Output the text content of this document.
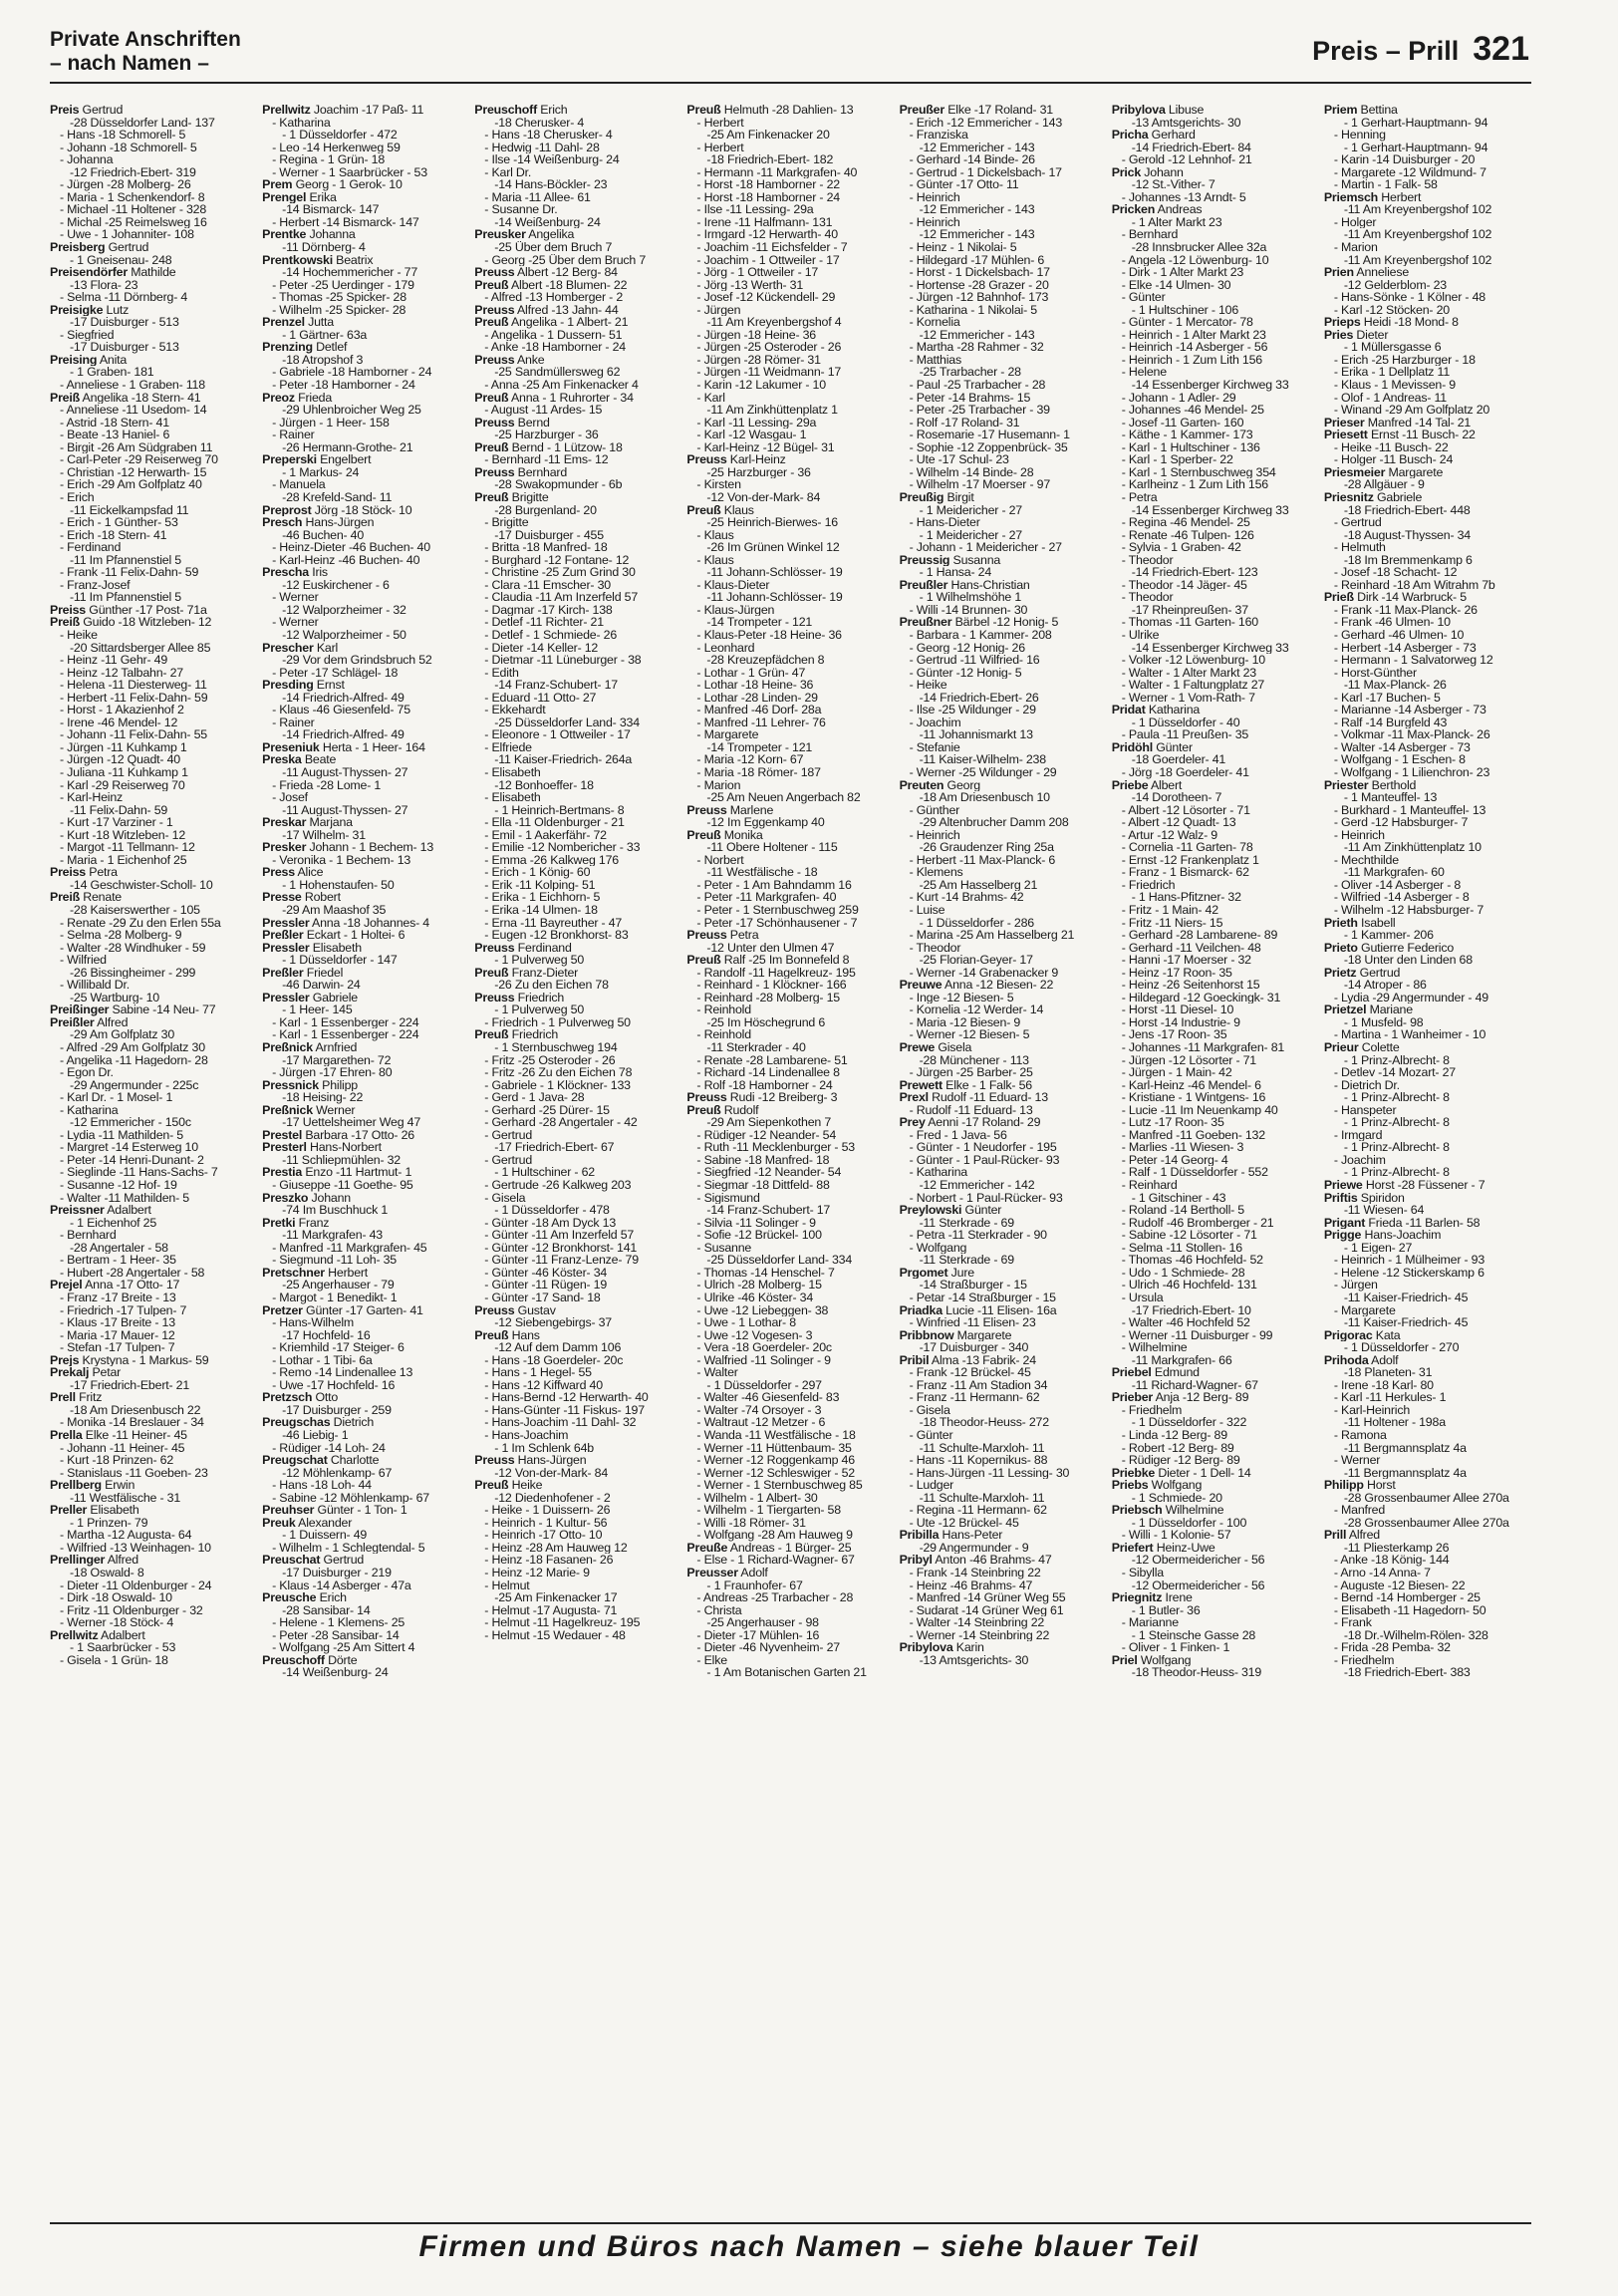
Private Anschriften
– nach Namen –	Preis – Prill 321
Preis Gertrud
-28 Düsseldorfer Land- 137
- Hans -18 Schmorell- 5
- Johann -18 Schmorell- 5
- Johanna
-12 Friedrich-Ebert- 319
- Jürgen -28 Molberg- 26
- Maria - 1 Schenkendorf- 8
- Michael -11 Holtener - 328
- Michal -25 Reimelsweg 16
- Uwe - 1 Johanniter- 108
Preisberg Gertrud
- 1 Gneisenau- 248
Preisendörfer Mathilde
-13 Flora- 23
- Selma -11 Dörnberg- 4
Preisigke Lutz
-17 Duisburger - 513
- Siegfried
-17 Duisburger - 513
Preising Anita
- 1 Graben- 181
- Anneliese - 1 Graben- 118
Preiß Angelika -18 Stern- 41
- Anneliese -11 Usedom- 14
- Astrid -18 Stern- 41
- Beate -13 Haniel- 6
- Birgit -26 Am Südgraben 11
- Carl-Peter -29 Reiserweg 70
- Christian -12 Herwarth- 15
- Erich -29 Am Golfplatz 40
- Erich
-11 Eickelkampsfad 11
- Erich - 1 Günther- 53
- Erich -18 Stern- 41
- Ferdinand
-11 Im Pfannenstiel 5
- Frank -11 Felix-Dahn- 59
- Franz-Josef
-11 Im Pfannenstiel 5
Preiss Günther -17 Post- 71a
Preiß Guido -18 Witzleben- 12
- Heike
-20 Sittardsberger Allee 85
- Heinz -11 Gehr- 49
- Heinz -12 Talbahn- 27
- Helena -11 Diesterweg- 11
- Herbert -11 Felix-Dahn- 59
- Horst - 1 Akazienhof 2
- Irene -46 Mendel- 12
- Johann -11 Felix-Dahn- 55
- Jürgen -11 Kuhkamp 1
- Jürgen -12 Quadt- 40
- Juliana -11 Kuhkamp 1
- Karl -29 Reiserweg 70
- Karl-Heinz
-11 Felix-Dahn- 59
- Kurt -17 Varziner - 1
- Kurt -18 Witzleben- 12
- Margot -11 Tellmann- 12
- Maria - 1 Eichenhof 25
Preiss Petra
-14 Geschwister-Scholl- 10
Preiß Renate
-28 Kaiserswerther - 105
- Renate -29 Zu den Erlen 55a
- Selma -28 Molberg- 9
- Walter -28 Windhuker - 59
- Wilfried
-26 Bissingheimer - 299
- Willibald Dr.
-25 Wartburg- 10
Preißinger Sabine -14 Neu- 77
Preißler Alfred
-29 Am Golfplatz 30
- Alfred -29 Am Golfplatz 30
- Angelika -11 Hagedorn- 28
- Egon Dr.
-29 Angermunder - 225c
- Karl Dr. - 1 Mosel- 1
- Katharina
-12 Emmericher - 150c
- Lydia -11 Mathilden- 5
- Margret -14 Esterweg 10
- Peter -14 Henri-Dunant- 2
- Sieglinde -11 Hans-Sachs- 7
- Susanne -12 Hof- 19
- Walter -11 Mathilden- 5
Preissner Adalbert
- 1 Eichenhof 25
- Bernhard
-28 Angertaler - 58
- Bertram - 1 Heer- 35
- Hubert -28 Angertaler - 58
Prejel Anna -17 Otto- 17
- Franz -17 Breite - 13
- Friedrich -17 Tulpen- 7
- Klaus -17 Breite - 13
- Maria -17 Mauer- 12
- Stefan -17 Tulpen- 7
Prejs Krystyna - 1 Markus- 59
Prekalj Petar
-17 Friedrich-Ebert- 21
Prell Fritz
-18 Am Driesenbusch 22
- Monika -14 Breslauer - 34
Prella Elke -11 Heiner- 45
- Johann -11 Heiner- 45
- Kurt -18 Prinzen- 62
- Stanislaus -11 Goeben- 23
Prellberg Erwin
-11 Westfälische - 31
Preller Elisabeth
- 1 Prinzen- 79
- Martha -12 Augusta- 64
- Wilfried -13 Weinhagen- 10
Prellinger Alfred
-18 Oswald- 8
- Dieter -11 Oldenburger - 24
- Dirk -18 Oswald- 10
- Fritz -11 Oldenburger - 32
- Werner -18 Stöck- 4
Prellwitz Adalbert
- 1 Saarbrücker - 53
- Gisela - 1 Grün- 18
Prellwitz Joachim -17 Paß- 11
- Katharina
- 1 Düsseldorfer - 472
- Leo -14 Herkenweg 59
- Regina - 1 Grün- 18
- Werner - 1 Saarbrücker - 53
Prem Georg - 1 Gerok- 10
Prengel Erika
-14 Bismarck- 147
- Herbert -14 Bismarck- 147
Prentke Johanna
-11 Dörnberg- 4
Prentkowski Beatrix
-14 Hochemmericher - 77
- Peter -25 Uerdinger - 179
- Thomas -25 Spicker- 28
- Wilhelm -25 Spicker- 28
Prenzel Jutta
- 1 Gärtner- 63a
Prenzing Detlef
-18 Atropshof 3
- Gabriele -18 Hamborner - 24
- Peter -18 Hamborner - 24
Preoz Frieda
-29 Uhlenbroicher Weg 25
- Jürgen - 1 Heer- 158
- Rainer
-26 Hermann-Grothe- 21
Preperski Engelbert
- 1 Markus- 24
- Manuela
-28 Krefeld-Sand- 11
Preprost Jörg -18 Stöck- 10
Presch Hans-Jürgen
-46 Buchen- 40
- Heinz-Dieter -46 Buchen- 40
- Karl-Heinz -46 Buchen- 40
Prescha Iris
-12 Euskirchener - 6
- Werner
-12 Walporzheimer - 32
- Werner
-12 Walporzheimer - 50
Prescher Karl
-29 Vor dem Grindsbruch 52
- Peter -17 Schlägel- 18
Presding Ernst
-14 Friedrich-Alfred- 49
- Klaus -46 Giesenfeld- 75
- Rainer
-14 Friedrich-Alfred- 49
Preseniuk Herta - 1 Heer- 164
Preska Beate
-11 August-Thyssen- 27
- Frieda -28 Lome- 1
- Josef
-11 August-Thyssen- 27
Preskar Marjana
-17 Wilhelm- 31
Presker Johann - 1 Bechem- 13
- Veronika - 1 Bechem- 13
Press Alice
- 1 Hohenstaufen- 50
Presse Robert
-29 Am Maashof 35
Pressler Anna -18 Johannes- 4
Preßler Eckart - 1 Holtei- 6
Pressler Elisabeth
- 1 Düsseldorfer - 147
Preßler Friedel
-46 Darwin- 24
Pressler Gabriele
- 1 Heer- 145
- Karl - 1 Essenberger - 224
- Karl - 1 Essenberger - 224
Preßnick Arnfried
-17 Margarethen- 72
- Jürgen -17 Ehren- 80
Pressnick Philipp
-18 Heising- 22
Preßnick Werner
-17 Uettelsheimer Weg 47
Prestel Barbara -17 Otto- 26
Presterl Hans-Norbert
-11 Schliepmühlen- 32
Prestia Enzo -11 Hartmut- 1
- Giuseppe -11 Goethe- 95
Preszko Johann
-74 Im Buschhuck 1
Pretki Franz
-11 Markgrafen- 43
- Manfred -11 Markgrafen- 45
- Siegmund -11 Loh- 35
Pretschner Herbert
-25 Angerhauser - 79
- Margot - 1 Benedikt- 1
Pretzer Günter -17 Garten- 41
- Hans-Wilhelm
-17 Hochfeld- 16
- Kriemhild -17 Steiger- 6
- Lothar - 1 Tibi- 6a
- Remo -14 Lindenallee 13
- Uwe -17 Hochfeld- 16
Pretzsch Otto
-17 Duisburger - 259
Preugschas Dietrich
-46 Liebig- 1
- Rüdiger -14 Loh- 24
Preugschat Charlotte
-12 Möhlenkamp- 67
- Hans -18 Loh- 44
- Sabine -12 Möhlenkamp- 67
Preuhser Günter - 1 Ton- 1
Preuk Alexander
- 1 Duissern- 49
- Wilhelm - 1 Schlegtendal- 5
Preuschat Gertrud
-17 Duisburger - 219
- Klaus -14 Asberger - 47a
Preusche Erich
-28 Sansibar- 14
- Helene - 1 Klemens- 25
- Peter -28 Sansibar- 14
- Wolfgang -25 Am Sittert 4
Preuschoff Dörte
-14 Weißenburg- 24
Preuschoff Erich
-18 Cherusker- 4
- Hans -18 Cherusker- 4
- Hedwig -11 Dahl- 28
- Ilse -14 Weißenburg- 24
- Karl Dr.
-14 Hans-Böckler- 23
- Maria -11 Allee- 61
- Susanne Dr.
-14 Weißenburg- 24
Preusker Angelika
-25 Über dem Bruch 7
- Georg -25 Über dem Bruch 7
Preuss Albert -12 Berg- 84
Preuß Albert -18 Blumen- 22
- Alfred -13 Homberger - 2
Preuss Alfred -13 Jahn- 44
Preuß Angelika - 1 Albert- 21
- Angelika - 1 Dussern- 51
- Anke -18 Hamborner - 24
Preuss Anke
-25 Sandmüllersweg 62
- Anna -25 Am Finkenacker 4
Preuß Anna - 1 Ruhrorter - 34
- August -11 Ardes- 15
Preuss Bernd
-25 Harzburger - 36
Preuß Bernd - 1 Lützow- 18
- Bernhard -11 Ems- 12
Preuss Bernhard
-28 Swakopmunder - 6b
Preuß Brigitte
-28 Burgenland- 20
- Brigitte
-17 Duisburger - 455
- Britta -18 Manfred- 18
- Burghard -12 Fontane- 12
- Christine -25 Zum Grind 30
- Clara -11 Emscher- 30
- Claudia -11 Am Inzerfeld 57
- Dagmar -17 Kirch- 138
- Detlef -11 Richter- 21
- Detlef - 1 Schmiede- 26
- Dieter -14 Keller- 12
- Dietmar -11 Lüneburger - 38
- Edith
-14 Franz-Schubert- 17
- Eduard -11 Otto- 27
- Ekkehardt
-25 Düsseldorfer Land- 334
- Eleonore - 1 Ottweiler - 17
- Elfriede
-11 Kaiser-Friedrich- 264a
- Elisabeth
-12 Bonhoeffer- 18
- Elisabeth
- 1 Heinrich-Bertmans- 8
- Ella -11 Oldenburger - 21
- Emil - 1 Aakerfähr- 72
- Emilie -12 Nombericher - 33
- Emma -26 Kalkweg 176
- Erich - 1 König- 60
- Erik -11 Kolping- 51
- Erika - 1 Eichhorn- 5
- Erika -14 Ulmen- 18
- Erna -11 Bayreuther - 47
- Eugen -12 Bronkhorst- 83
Preuss Ferdinand
- 1 Pulverweg 50
Preuß Franz-Dieter
-26 Zu den Eichen 78
Preuss Friedrich
- 1 Pulverweg 50
- Friedrich - 1 Pulverweg 50
Preuß Friedrich
- 1 Sternbuschweg 194
- Fritz -25 Osteroder - 26
- Fritz -26 Zu den Eichen 78
- Gabriele - 1 Klöckner- 133
- Gerd - 1 Java- 28
- Gerhard -25 Dürer- 15
- Gerhard -28 Angertaler - 42
- Gertrud
-17 Friedrich-Ebert- 67
- Gertrud
- 1 Hultschiner - 62
- Gertrude -26 Kalkweg 203
- Gisela
- 1 Düsseldorfer - 478
- Günter -18 Am Dyck 13
- Günter -11 Am Inzerfeld 57
- Günter -12 Bronkhorst- 141
- Günter -11 Franz-Lenze- 79
- Günter -46 Köster- 34
- Günter -11 Rügen- 19
- Günter -17 Sand- 18
Preuss Gustav
-12 Siebengebirgs- 37
Preuß Hans
-12 Auf dem Damm 106
- Hans -18 Goerdeler- 20c
- Hans - 1 Hegel- 55
- Hans -12 Kiffward 40
- Hans-Bernd -12 Herwarth- 40
- Hans-Günter -11 Fiskus- 197
- Hans-Joachim -11 Dahl- 32
- Hans-Joachim
- 1 Im Schlenk 64b
Preuss Hans-Jürgen
-12 Von-der-Mark- 84
Preuß Heike
-12 Diedenhofener - 2
- Heike - 1 Duissern- 26
- Heinrich - 1 Kultur- 56
- Heinrich -17 Otto- 10
- Heinz -28 Am Hauweg 12
- Heinz -18 Fasanen- 26
- Heinz -12 Marie- 9
- Helmut
-25 Am Finkenacker 17
- Helmut -17 Augusta- 71
- Helmut -11 Hagelkreuz- 195
- Helmut -15 Wedauer - 48
Preuß Helmuth -28 Dahlien- 13
- Herbert
-25 Am Finkenacker 20
- Herbert
-18 Friedrich-Ebert- 182
- Hermann -11 Markgrafen- 40
- Horst -18 Hamborner - 22
- Horst -18 Hamborner - 24
- Ilse -11 Lessing- 29a
- Irene -11 Halfmann- 131
- Irmgard -12 Herwarth- 40
- Joachim -11 Eichsfelder - 7
- Joachim - 1 Ottweiler - 17
- Jörg - 1 Ottweiler - 17
- Jörg -13 Werth- 31
- Josef -12 Kückendell- 29
- Jürgen
-11 Am Kreyenbergshof 4
- Jürgen -18 Heine- 36
- Jürgen -25 Osteroder - 26
- Jürgen -28 Römer- 31
- Jürgen -11 Weidmann- 17
- Karin -12 Lakumer - 10
- Karl
-11 Am Zinkhüttenplatz 1
- Karl -11 Lessing- 29a
- Karl -12 Wasgau- 1
- Karl-Heinz -12 Bügel- 31
Preuss Karl-Heinz
-25 Harzburger - 36
- Kirsten
-12 Von-der-Mark- 84
Preuß Klaus
-25 Heinrich-Bierwes- 16
- Klaus
-26 Im Grünen Winkel 12
- Klaus
-11 Johann-Schlösser- 19
- Klaus-Dieter
-11 Johann-Schlösser- 19
- Klaus-Jürgen
-14 Trompeter - 121
- Klaus-Peter -18 Heine- 36
- Leonhard
-28 Kreuzepfädchen 8
- Lothar - 1 Grün- 47
- Lothar -18 Heine- 36
- Lothar -28 Linden- 29
- Manfred -46 Dorf- 28a
- Manfred -11 Lehrer- 76
- Margarete
-14 Trompeter - 121
- Maria -12 Korn- 67
- Maria -18 Römer- 187
- Marion
-25 Am Neuen Angerbach 82
Preuss Marlene
-12 Im Eggenkamp 40
Preuß Monika
-11 Obere Holtener - 115
- Norbert
-11 Westfälische - 18
- Peter - 1 Am Bahndamm 16
- Peter -11 Markgrafen- 40
- Peter - 1 Sternbuschweg 259
- Peter -17 Schönhausener - 7
Preuss Petra
-12 Unter den Ulmen 47
Preuß Ralf -25 Im Bonnefeld 8
- Randolf -11 Hagelkreuz- 195
- Reinhard - 1 Klöckner- 166
- Reinhard -28 Molberg- 15
- Reinhold
-25 Im Höschegrund 6
- Reinhold
-11 Sterkrader - 40
- Renate -28 Lambarene- 51
- Richard -14 Lindenallee 8
- Rolf -18 Hamborner - 24
Preuss Rudi -12 Breiberg- 3
Preuß Rudolf
-29 Am Siepenkothen 7
- Rüdiger -12 Neander- 54
- Ruth -11 Mecklenburger - 53
- Sabine -18 Manfred- 18
- Siegfried -12 Neander- 54
- Siegmar -18 Dittfeld- 88
- Sigismund
-14 Franz-Schubert- 17
- Silvia -11 Solinger - 9
- Sofie -12 Brückel- 100
- Susanne
-25 Düsseldorfer Land- 334
- Thomas -14 Henschel- 7
- Ulrich -28 Molberg- 15
- Ulrike -46 Köster- 34
- Uwe -12 Liebeggen- 38
- Uwe - 1 Lothar- 8
- Uwe -12 Vogesen- 3
- Vera -18 Goerdeler- 20c
- Walfried -11 Solinger - 9
- Walter
- 1 Düsseldorfer - 297
- Walter -46 Giesenfeld- 83
- Walter -74 Orsoyer - 3
- Waltraut -12 Metzer - 6
- Wanda -11 Westfälische - 18
- Werner -11 Hüttenbaum- 35
- Werner -12 Roggenkamp 46
- Werner -12 Schleswiger - 52
- Werner - 1 Sternbuschweg 85
- Wilhelm - 1 Albert- 30
- Wilhelm - 1 Tiergarten- 58
- Willi -18 Römer- 31
- Wolfgang -28 Am Hauweg 9
Preuße Andreas - 1 Bürger- 25
- Else - 1 Richard-Wagner- 67
Preusser Adolf
- 1 Fraunhofer- 67
- Andreas -25 Trarbacher - 28
- Christa
-25 Angerhauser - 98
- Dieter -17 Mühlen- 16
- Dieter -46 Nyvenheim- 27
- Elke
- 1 Am Botanischen Garten 21
Preußer Elke -17 Roland- 31
- Erich -12 Emmericher - 143
- Franziska
-12 Emmericher - 143
- Gerhard -14 Binde- 26
- Gertrud - 1 Dickelsbach- 17
- Günter -17 Otto- 11
- Heinrich
-12 Emmericher - 143
- Heinrich
-12 Emmericher - 143
- Heinz - 1 Nikolai- 5
- Hildegard -17 Mühlen- 6
- Horst - 1 Dickelsbach- 17
- Hortense -28 Grazer - 20
- Jürgen -12 Bahnhof- 173
- Katharina - 1 Nikolai- 5
- Kornelia
-12 Emmericher - 143
- Martha -28 Rahmer - 32
- Matthias
-25 Trarbacher - 28
- Paul -25 Trarbacher - 28
- Peter -14 Brahms- 15
- Peter -25 Trarbacher - 39
- Rolf -17 Roland- 31
- Rosemarie -17 Husemann- 1
- Sophie -12 Zoppenbrück- 35
- Ute -17 Schul- 23
- Wilhelm -14 Binde- 28
- Wilhelm -17 Moerser - 97
Preußig Birgit
- 1 Meidericher - 27
- Hans-Dieter
- 1 Meidericher - 27
- Johann - 1 Meidericher - 27
Preussig Susanna
- 1 Hansa- 24
Preußler Hans-Christian
- 1 Wilhelmshöhe 1
- Willi -14 Brunnen- 30
Preußner Bärbel -12 Honig- 5
- Barbara - 1 Kammer- 208
- Georg -12 Honig- 26
- Gertrud -11 Wilfried- 16
- Günter -12 Honig- 5
- Heike
-14 Friedrich-Ebert- 26
- Ilse -25 Wildunger - 29
- Joachim
-11 Johannismarkt 13
- Stefanie
-11 Kaiser-Wilhelm- 238
- Werner -25 Wildunger - 29
Preuten Georg
-18 Am Driesenbusch 10
- Günther
-29 Altenbrucher Damm 208
- Heinrich
-26 Graudenzer Ring 25a
- Herbert -11 Max-Planck- 6
- Klemens
-25 Am Hasselberg 21
- Kurt -14 Brahms- 42
- Luise
- 1 Düsseldorfer - 286
- Marina -25 Am Hasselberg 21
- Theodor
-25 Florian-Geyer- 17
- Werner -14 Grabenacker 9
Preuwe Anna -12 Biesen- 22
- Inge -12 Biesen- 5
- Kornelia -12 Werder- 14
- Maria -12 Biesen- 9
- Werner -12 Biesen- 5
Prewe Gisela
-28 Münchener - 113
- Jürgen -25 Barber- 25
Prewett Elke - 1 Falk- 56
Prexl Rudolf -11 Eduard- 13
- Rudolf -11 Eduard- 13
Prey Aenni -17 Roland- 29
- Fred - 1 Java- 56
- Günter - 1 Neudorfer - 195
- Günter - 1 Paul-Rücker- 93
- Katharina
-12 Emmericher - 142
- Norbert - 1 Paul-Rücker- 93
Preylowski Günter
-11 Sterkrade - 69
- Petra -11 Sterkrader - 90
- Wolfgang
-11 Sterkrade - 69
Prgomet Jure
-14 Straßburger - 15
- Petar -14 Straßburger - 15
Priadka Lucie -11 Elisen- 16a
- Winfried -11 Elisen- 23
Pribbnow Margarete
-17 Duisburger - 340
Pribil Alma -13 Fabrik- 24
- Frank -12 Brückel- 45
- Franz -11 Am Stadion 34
- Franz -11 Hermann- 62
- Gisela
-18 Theodor-Heuss- 272
- Günter
-11 Schulte-Marxloh- 11
- Hans -11 Kopernikus- 88
- Hans-Jürgen -11 Lessing- 30
- Ludger
-11 Schulte-Marxloh- 11
- Regina -11 Hermann- 62
- Ute -12 Brückel- 45
Pribilla Hans-Peter
-29 Angermunder - 9
Pribyl Anton -46 Brahms- 47
- Frank -14 Steinbring 22
- Heinz -46 Brahms- 47
- Manfred -14 Grüner Weg 55
- Sudarat -14 Grüner Weg 61
- Walter -14 Steinbring 22
- Werner -14 Steinbring 22
Pribylova Karin
-13 Amtsgerichts- 30
Pribylova Libuse
-13 Amtsgerichts- 30
Pricha Gerhard
-14 Friedrich-Ebert- 84
- Gerold -12 Lehnhof- 21
Prick Johann
-12 St.-Vither- 7
- Johannes -13 Arndt- 5
Pricken Andreas
- 1 Alter Markt 23
- Bernhard
-28 Innsbrucker Allee 32a
- Angela -12 Löwenburg- 10
- Dirk - 1 Alter Markt 23
- Elke -14 Ulmen- 30
- Günter
- 1 Hultschiner - 106
- Günter - 1 Mercator- 78
- Heinrich - 1 Alter Markt 23
- Heinrich -14 Asberger - 56
- Heinrich - 1 Zum Lith 156
- Helene
-14 Essenberger Kirchweg 33
- Johann - 1 Adler- 29
- Johannes -46 Mendel- 25
- Josef -11 Garten- 160
- Käthe - 1 Kammer- 173
- Karl - 1 Hultschiner - 136
- Karl - 1 Sperber- 22
- Karl - 1 Sternbuschweg 354
- Karlheinz - 1 Zum Lith 156
- Petra
-14 Essenberger Kirchweg 33
- Regina -46 Mendel- 25
- Renate -46 Tulpen- 126
- Sylvia - 1 Graben- 42
- Theodor
-14 Friedrich-Ebert- 123
- Theodor -14 Jäger- 45
- Theodor
-17 Rheinpreußen- 37
- Thomas -11 Garten- 160
- Ulrike
-14 Essenberger Kirchweg 33
- Volker -12 Löwenburg- 10
- Walter - 1 Alter Markt 23
- Walter - 1 Faltungplatz 27
- Werner - 1 Vom-Rath- 7
Pridat Katharina
- 1 Düsseldorfer - 40
- Paula -11 Preußen- 35
Pridöhl Günter
-18 Goerdeler- 41
- Jörg -18 Goerdeler- 41
Priebe Albert
-14 Dorotheen- 7
- Albert -12 Lösorter - 71
- Albert -12 Quadt- 13
- Artur -12 Walz- 9
- Cornelia -11 Garten- 78
- Ernst -12 Frankenplatz 1
- Franz - 1 Bismarck- 62
- Friedrich
- 1 Hans-Pfitzner- 32
- Fritz - 1 Main- 42
- Fritz -11 Niers- 15
- Gerhard -28 Lambarene- 89
- Gerhard -11 Veilchen- 48
- Hanni -17 Moerser - 32
- Heinz -17 Roon- 35
- Heinz -26 Seitenhorst 15
- Hildegard -12 Goeckingk- 31
- Horst -11 Diesel- 10
- Horst -14 Industrie- 9
- Jens -17 Roon- 35
- Johannes -11 Markgrafen- 81
- Jürgen -12 Lösorter - 71
- Jürgen - 1 Main- 42
- Karl-Heinz -46 Mendel- 6
- Kristiane - 1 Wintgens- 16
- Lucie -11 Im Neuenkamp 40
- Lutz -17 Roon- 35
- Manfred -11 Goeben- 132
- Marlies -11 Wiesen- 3
- Peter -14 Georg- 4
- Ralf - 1 Düsseldorfer - 552
- Reinhard
- 1 Gitschiner - 43
- Roland -14 Bertholl- 5
- Rudolf -46 Bromberger - 21
- Sabine -12 Lösorter - 71
- Selma -11 Stollen- 16
- Thomas -46 Hochfeld- 52
- Udo - 1 Schmiede- 28
- Ulrich -46 Hochfeld- 131
- Ursula
-17 Friedrich-Ebert- 10
- Walter -46 Hochfeld 52
- Werner -11 Duisburger - 99
- Wilhelmine
-11 Markgrafen- 66
Priebel Edmund
-11 Richard-Wagner- 67
Prieber Anja -12 Berg- 89
- Friedhelm
- 1 Düsseldorfer - 322
- Linda -12 Berg- 89
- Robert -12 Berg- 89
- Rüdiger -12 Berg- 89
Priebke Dieter - 1 Dell- 14
Priebs Wolfgang
- 1 Schmiede- 20
Priebsch Wilhelmine
- 1 Düsseldorfer - 100
- Willi - 1 Kolonie- 57
Priefert Heinz-Uwe
-12 Obermeidericher - 56
- Sibylla
-12 Obermeidericher - 56
Priegnitz Irene
- 1 Butler- 36
- Marianne
- 1 Steinsche Gasse 28
- Oliver - 1 Finken- 1
Priel Wolfgang
-18 Theodor-Heuss- 319
Priem Bettina
- 1 Gerhart-Hauptmann- 94
- Henning
- 1 Gerhart-Hauptmann- 94
- Karin -14 Duisburger - 20
- Margarete -12 Wildmund- 7
- Martin - 1 Falk- 58
Priemsch Herbert
-11 Am Kreyenbergshof 102
- Holger
-11 Am Kreyenbergshof 102
- Marion
-11 Am Kreyenbergshof 102
Prien Anneliese
-12 Gelderblom- 23
- Hans-Sönke - 1 Kölner - 48
- Karl -12 Stöcken- 20
Prieps Heidi -18 Mond- 8
Pries Dieter
- 1 Müllersgasse 6
- Erich -25 Harzburger - 18
- Erika - 1 Dellplatz 11
- Klaus - 1 Mevissen- 9
- Olof - 1 Andreas- 11
- Winand -29 Am Golfplatz 20
Prieser Manfred -14 Tal- 21
Priesett Ernst -11 Busch- 22
- Heike -11 Busch- 22
- Holger -11 Busch- 24
Priesmeier Margarete
-28 Allgäuer - 9
Priesnitz Gabriele
-18 Friedrich-Ebert- 448
- Gertrud
-18 August-Thyssen- 34
- Helmuth
-18 Im Bremmenkamp 6
- Josef -18 Schacht- 12
- Reinhard -18 Am Witrahm 7b
Prieß Dirk -14 Warbruck- 5
- Frank -11 Max-Planck- 26
- Frank -46 Ulmen- 10
- Gerhard -46 Ulmen- 10
- Herbert -14 Asberger - 73
- Hermann - 1 Salvatorweg 12
- Horst-Günther
-11 Max-Planck- 26
- Karl -17 Buchen- 5
- Marianne -14 Asberger - 73
- Ralf -14 Burgfeld 43
- Volkmar -11 Max-Planck- 26
- Walter -14 Asberger - 73
- Wolfgang - 1 Eschen- 8
- Wolfgang - 1 Lilienchron- 23
Priester Berthold
- 1 Manteuffel- 13
- Burkhard - 1 Manteuffel- 13
- Gerd -12 Habsburger- 7
- Heinrich
-11 Am Zinkhüttenplatz 10
- Mechthilde
-11 Markgrafen- 60
- Oliver -14 Asberger - 8
- Wilfried -14 Asberger - 8
- Wilhelm -12 Habsburger- 7
Prieth Isabell
- 1 Kammer- 206
Prieto Gutierre Federico
-18 Unter den Linden 68
Prietz Gertrud
-14 Atroper - 86
- Lydia -29 Angermunder - 49
Prietzel Mariane
- 1 Musfeld- 98
- Martina - 1 Wanheimer - 10
Prieur Colette
- 1 Prinz-Albrecht- 8
- Detlev -14 Mozart- 27
- Dietrich Dr.
- 1 Prinz-Albrecht- 8
- Hanspeter
- 1 Prinz-Albrecht- 8
- Irmgard
- 1 Prinz-Albrecht- 8
- Joachim
- 1 Prinz-Albrecht- 8
Priewe Horst -28 Füssener - 7
Priftis Spiridon
-11 Wiesen- 64
Prigant Frieda -11 Barlen- 58
Prigge Hans-Joachim
- 1 Eigen- 27
- Heinrich - 1 Mülheimer - 93
- Helene -12 Stickerskamp 6
- Jürgen
-11 Kaiser-Friedrich- 45
- Margarete
-11 Kaiser-Friedrich- 45
Prigorac Kata
- 1 Düsseldorfer - 270
Prihoda Adolf
-18 Planeten- 31
- Irene -18 Karl- 80
- Karl -11 Herkules- 1
- Karl-Heinrich
-11 Holtener - 198a
- Ramona
-11 Bergmannsplatz 4a
- Werner
-11 Bergmannsplatz 4a
Philipp Horst
-28 Grossenbaumer Allee 270a
- Manfred
-28 Grossenbaumer Allee 270a
Prill Alfred
-11 Pliesterkamp 26
- Anke -18 König- 144
- Arno -14 Anna- 7
- Auguste -12 Biesen- 22
- Bernd -14 Homberger - 25
- Elisabeth -11 Hagedorn- 50
- Frank
-18 Dr.-Wilhelm-Rölen- 328
- Frida -28 Pemba- 32
- Friedhelm
-18 Friedrich-Ebert- 383
Firmen und Büros nach Namen – siehe blauer Teil
